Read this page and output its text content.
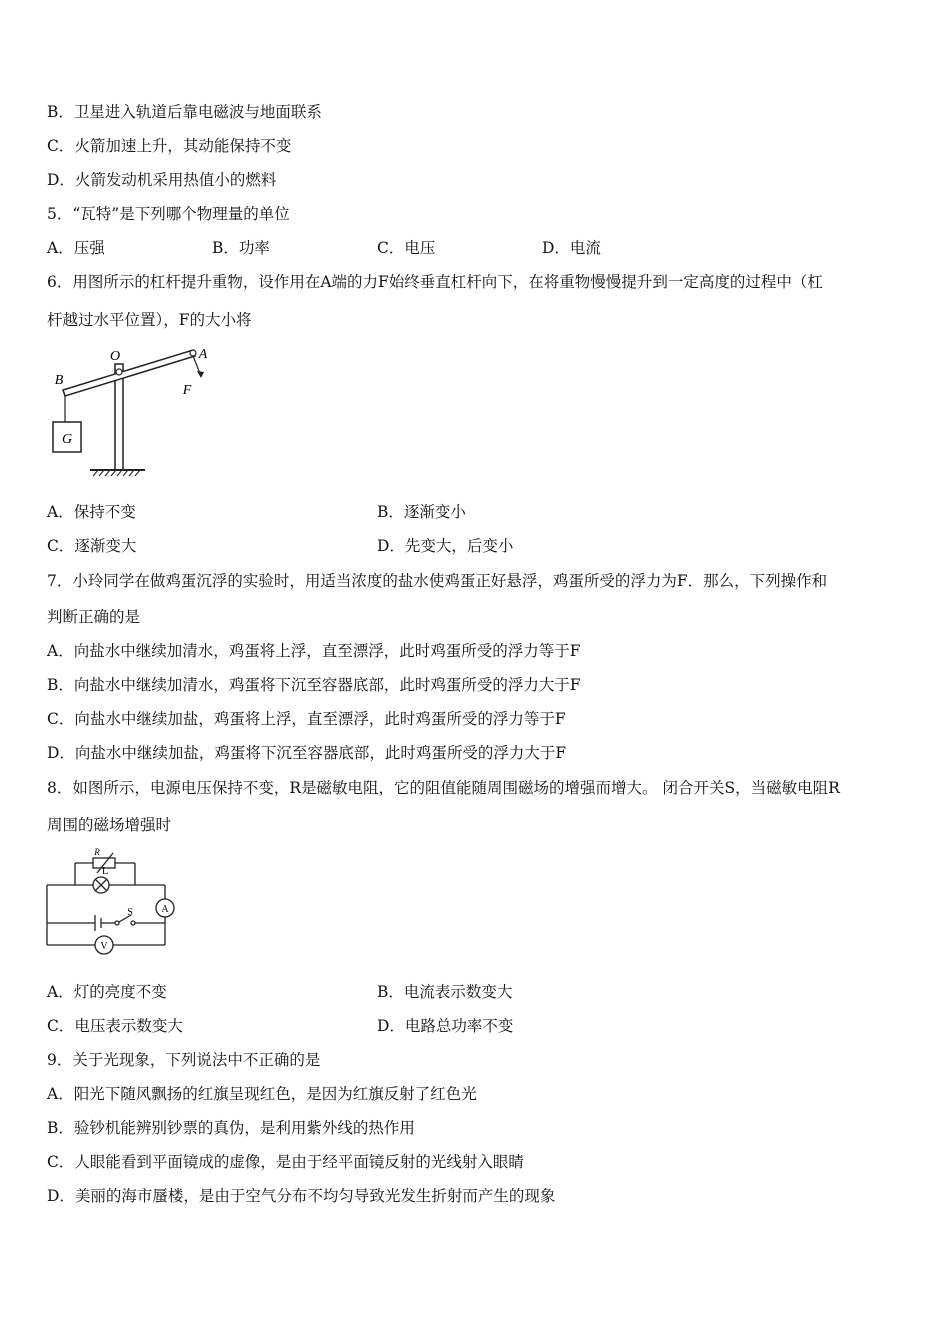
B．卫星进入轨道后靠电磁波与地面联系
C．火箭加速上升，其动能保持不变
D．火箭发动机采用热值小的燃料
5．“瓦特”是下列哪个物理量的单位
A．压强	B．功率	C．电压	D．电流
6．用图所示的杠杆提升重物，设作用在A端的力F始终垂直杠杆向下，在将重物慢慢提升到一定高度的过程中（杠
杆越过水平位置），F的大小将
G
B
O	A
F
A．保持不变	B．逐渐变小
C．逐渐变大	D．先变大，后变小
7．小玲同学在做鸡蛋沉浮的实验时，用适当浓度的盐水使鸡蛋正好悬浮，鸡蛋所受的浮力为F．那么，下列操作和
判断正确的是
A．向盐水中继续加清水，鸡蛋将上浮，直至漂浮，此时鸡蛋所受的浮力等于F
B．向盐水中继续加清水，鸡蛋将下沉至容器底部，此时鸡蛋所受的浮力大于F
C．向盐水中继续加盐，鸡蛋将上浮，直至漂浮，此时鸡蛋所受的浮力等于F
D．向盐水中继续加盐，鸡蛋将下沉至容器底部，此时鸡蛋所受的浮力大于F
8．如图所示，电源电压保持不变，R是磁敏电阻，它的阻值能随周围磁场的增强而增大。 闭合开关S，当磁敏电阻R
周围的磁场增强时
R
L
S	A
V
A．灯的亮度不变	B．电流表示数变大
C．电压表示数变大	D．电路总功率不变
9．关于光现象，下列说法中不正确的是
A．阳光下随风飘扬的红旗呈现红色，是因为红旗反射了红色光
B．验钞机能辨别钞票的真伪，是利用紫外线的热作用
C．人眼能看到平面镜成的虚像，是由于经平面镜反射的光线射入眼睛
D．美丽的海市蜃楼，是由于空气分布不均匀导致光发生折射而产生的现象
